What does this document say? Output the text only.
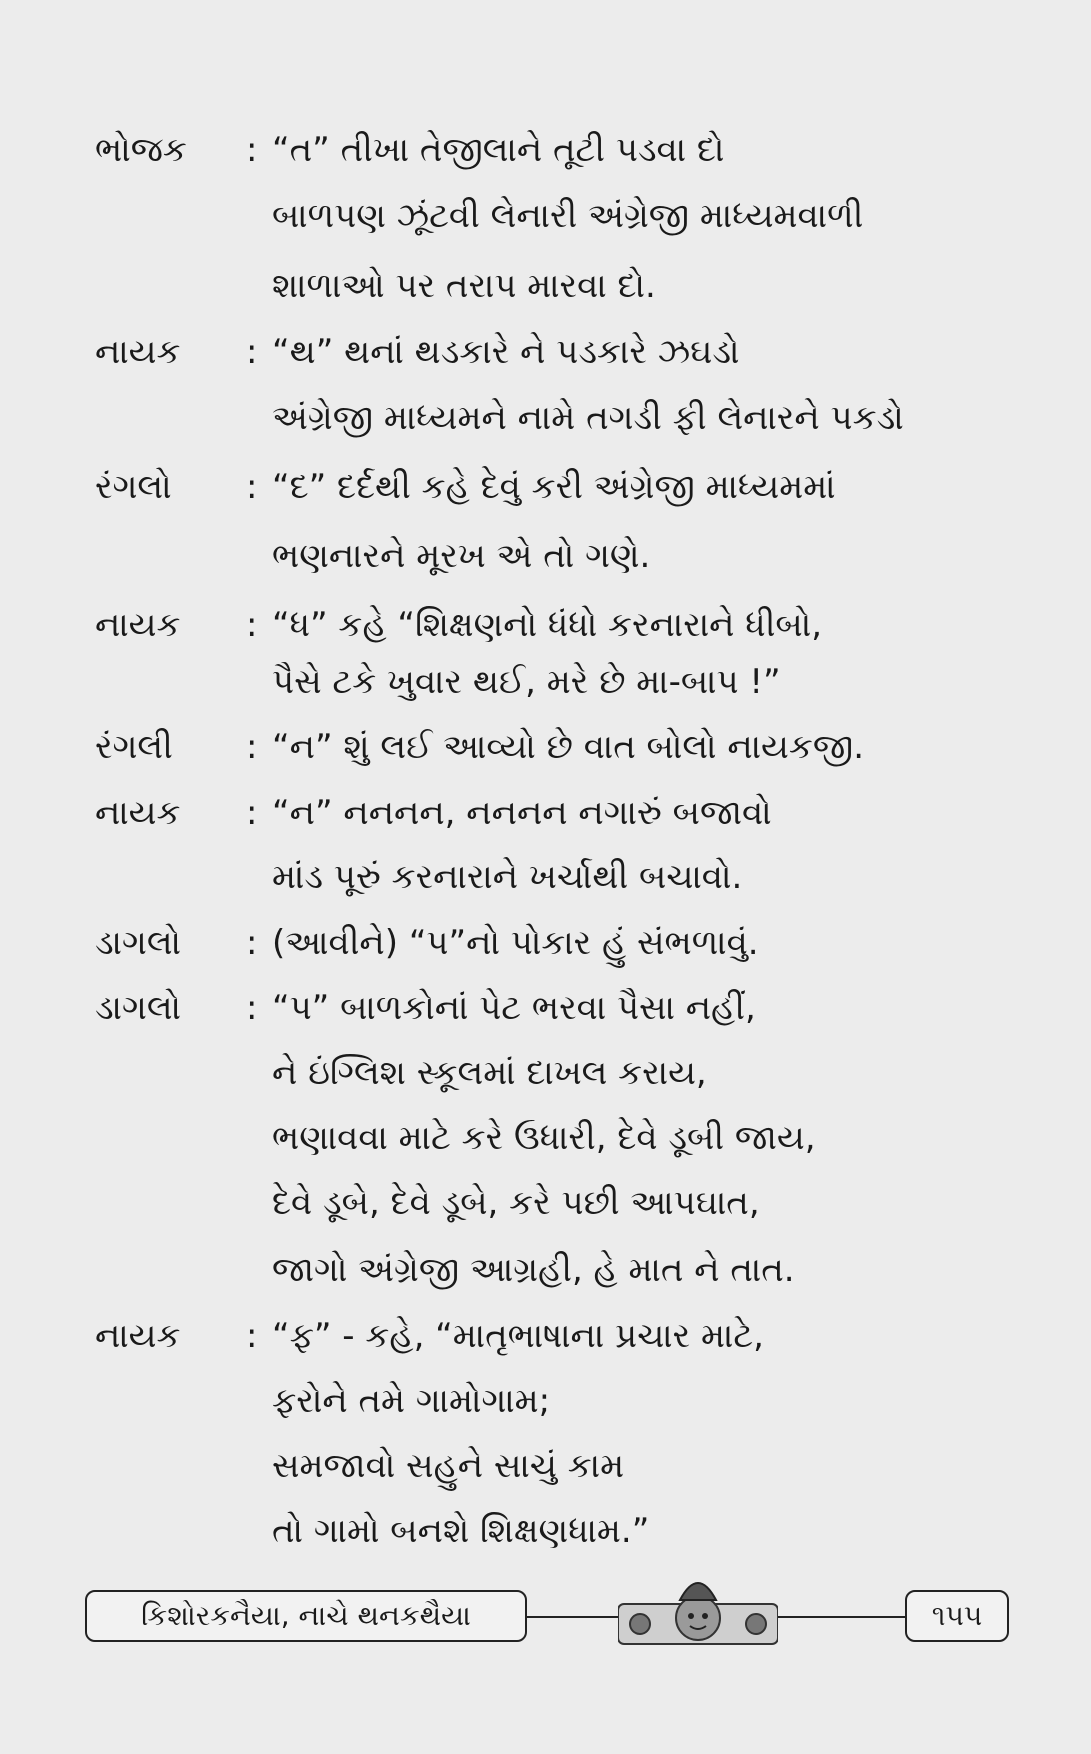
ભોજક : “ત” તીખા તેજીલાને તૂટી પડવા દો
બાળપણ ઝૂંટવી લેનારી અંગ્રેજી માધ્યમવાળી
શાળાઓ પર તરાપ મારવા દો.
નાયક : “થ” થનાં થડકારે ને પડકારે ઝઘડો
અંગ્રેજી માધ્યમને નામે તગડી ફી લેનારને પકડો
રંગલો : “દ” દર્દથી કહે દેવું કરી અંગ્રેજી માધ્યમમાં
ભણનારને મૂરખ એ તો ગણે.
નાયક : “ધ” કહે “શિક્ષણનો ધંધો કરનારાને ધીબો,
પૈસે ટકે ખુવાર થઈ, મરે છે મા-બાપ !”
રંગલી : “ન” શું લઈ આવ્યો છે વાત બોલો નાયકજી.
નાયક : “ન” નનનન, નનનન નગારું બજાવો
માંડ પૂરું કરનારાને ખર્ચાથી બચાવો.
ડાગલો : (આવીને) “પ”નો પોકાર હું સંભળાવું.
ડાગલો : “પ” બાળકોનાં પેટ ભરવા પૈસા નહીં,
ને ઇંગ્લિશ સ્કૂલમાં દાખલ કરાય,
ભણાવવા માટે કરે ઉધારી, દેવે ડૂબી જાય,
દેવે ડૂબે, દેવે ડૂબે, કરે પછી આપઘાત,
જાગો અંગ્રેજી આગ્રહી, હે માત ને તાત.
નાયક : “ફ” - કહે, “માતૃભાષાના પ્રચાર માટે,
ફરોને તમે ગામોગામ;
સમજાવો સહુને સાચું કામ
તો ગામો બનશે શિક્ષણધામ.”
કિશોરકનૈયા, નાચે થનકથૈયા	૧૫૫
